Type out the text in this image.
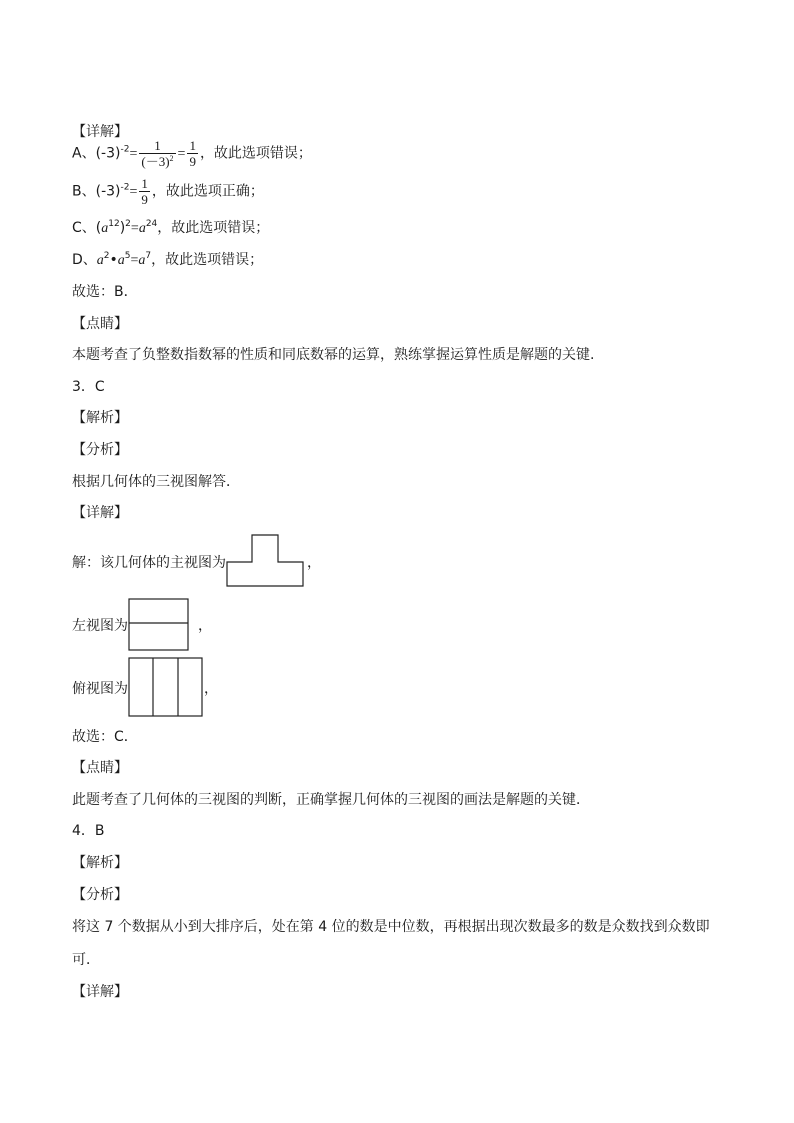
【详解】
A、$(-3)^{-2}= \frac{1}{(-3)^2} = \frac{1}{9}$ ，故此选项错误；
B、$(-3)^{-2}= \frac{1}{9}$ ，故此选项正确；
C、$(a^{12})^2=a^{24}$，故此选项错误；
D、$a^2•a^5=a^7$，故此选项错误；
故选：B．
【点睛】
本题考查了负整数指数幂的性质和同底数幂的运算，熟练掌握运算性质是解题的关键.
3．C
【解析】
【分析】
根据几何体的三视图解答．
【详解】
解：该几何体的主视图为	，
左视图为	，
俯视图为	，
故选：C．
【点睛】
此题考查了几何体的三视图的判断，正确掌握几何体的三视图的画法是解题的关键．
4．B
【解析】
【分析】
将这 7 个数据从小到大排序后，处在第 4 位的数是中位数，再根据出现次数最多的数是众数找到众数即
可．
【详解】
